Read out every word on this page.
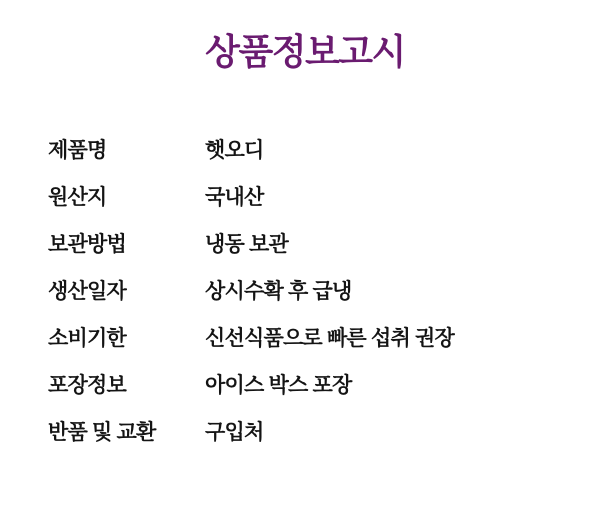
상품정보고시
제품명	햇오디
원산지	국내산
보관방법	냉동 보관
생산일자	상시수확 후 급냉
소비기한	신선식품으로 빠른 섭취 권장
포장정보	아이스 박스 포장
반품 및 교환	구입처
